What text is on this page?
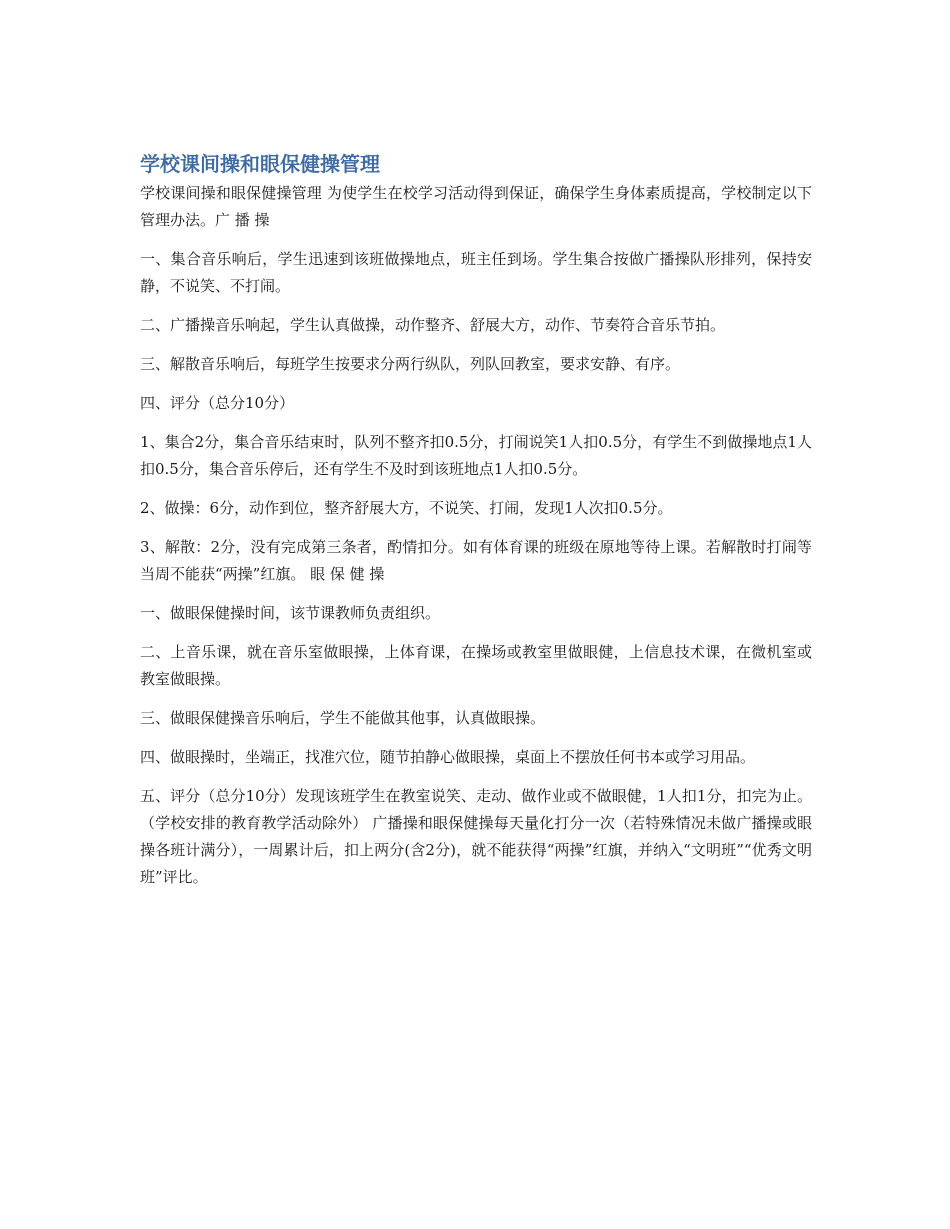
学校课间操和眼保健操管理

学校课间操和眼保健操管理 为使学生在校学习活动得到保证，确保学生身体素质提高，学校制定以下管理办法。广 播 操

一、集合音乐响后，学生迅速到该班做操地点，班主任到场。学生集合按做广播操队形排列，保持安静，不说笑、不打闹。

二、广播操音乐响起，学生认真做操，动作整齐、舒展大方，动作、节奏符合音乐节拍。

三、解散音乐响后，每班学生按要求分两行纵队，列队回教室，要求安静、有序。

四、评分（总分10分）

1、集合2分，集合音乐结束时，队列不整齐扣0.5分，打闹说笑1人扣0.5分，有学生不到做操地点1人扣0.5分，集合音乐停后，还有学生不及时到该班地点1人扣0.5分。

2、做操：6分，动作到位，整齐舒展大方，不说笑、打闹，发现1人次扣0.5分。

3、解散：2分，没有完成第三条者，酌情扣分。如有体育课的班级在原地等待上课。若解散时打闹等当周不能获“两操”红旗。 眼 保 健 操

一、做眼保健操时间，该节课教师负责组织。

二、上音乐课，就在音乐室做眼操，上体育课，在操场或教室里做眼健，上信息技术课，在微机室或教室做眼操。

三、做眼保健操音乐响后，学生不能做其他事，认真做眼操。

四、做眼操时，坐端正，找准穴位，随节拍静心做眼操，桌面上不摆放任何书本或学习用品。

五、评分（总分10分）发现该班学生在教室说笑、走动、做作业或不做眼健，1人扣1分，扣完为止。（学校安排的教育教学活动除外） 广播操和眼保健操每天量化打分一次（若特殊情况未做广播操或眼操各班计满分），一周累计后，扣上两分(含2分)，就不能获得“两操”红旗，并纳入“文明班”“优秀文明班”评比。
